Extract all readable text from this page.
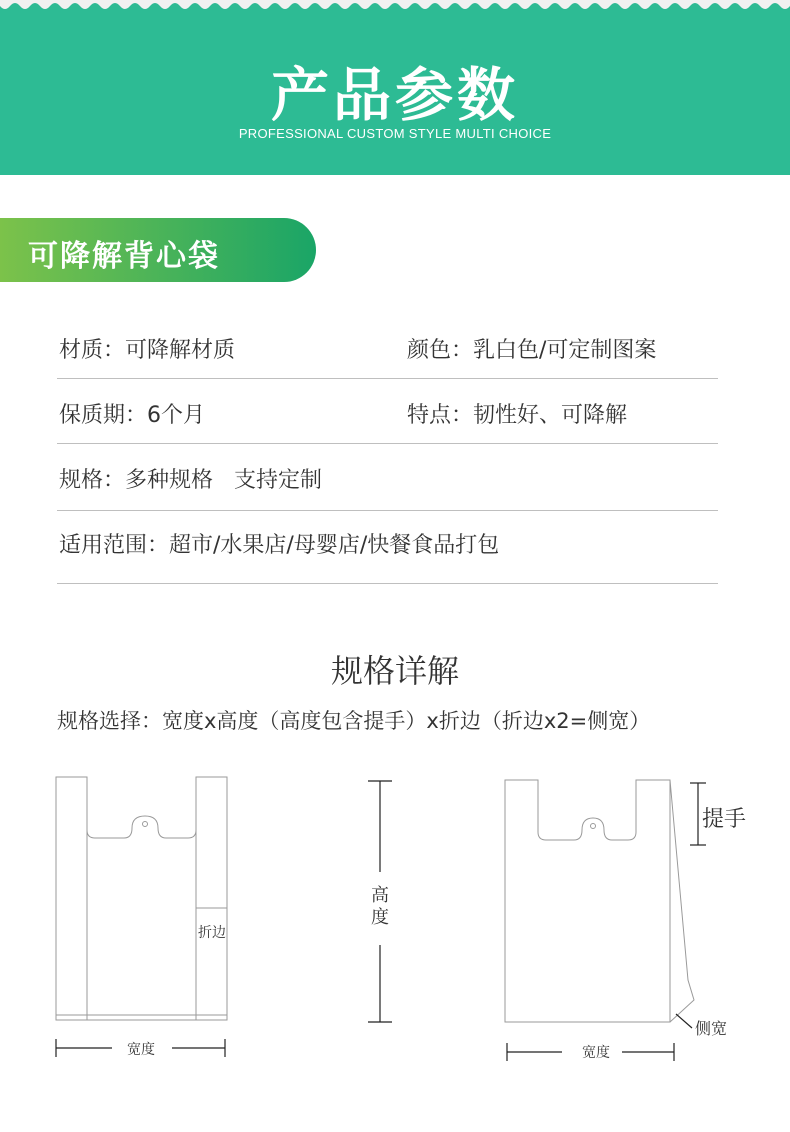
产品参数
PROFESSIONAL CUSTOM STYLE MULTI CHOICE
可降解背心袋
材质：可降解材质	颜色：乳白色/可定制图案
保质期：6个月	特点：韧性好、可降解
规格：多种规格   支持定制
适用范围：超市/水果店/母婴店/快餐食品打包
规格详解
规格选择：宽度x高度（高度包含提手）x折边（折边x2=侧宽）
折边
宽度
高度
提手
侧宽
宽度
